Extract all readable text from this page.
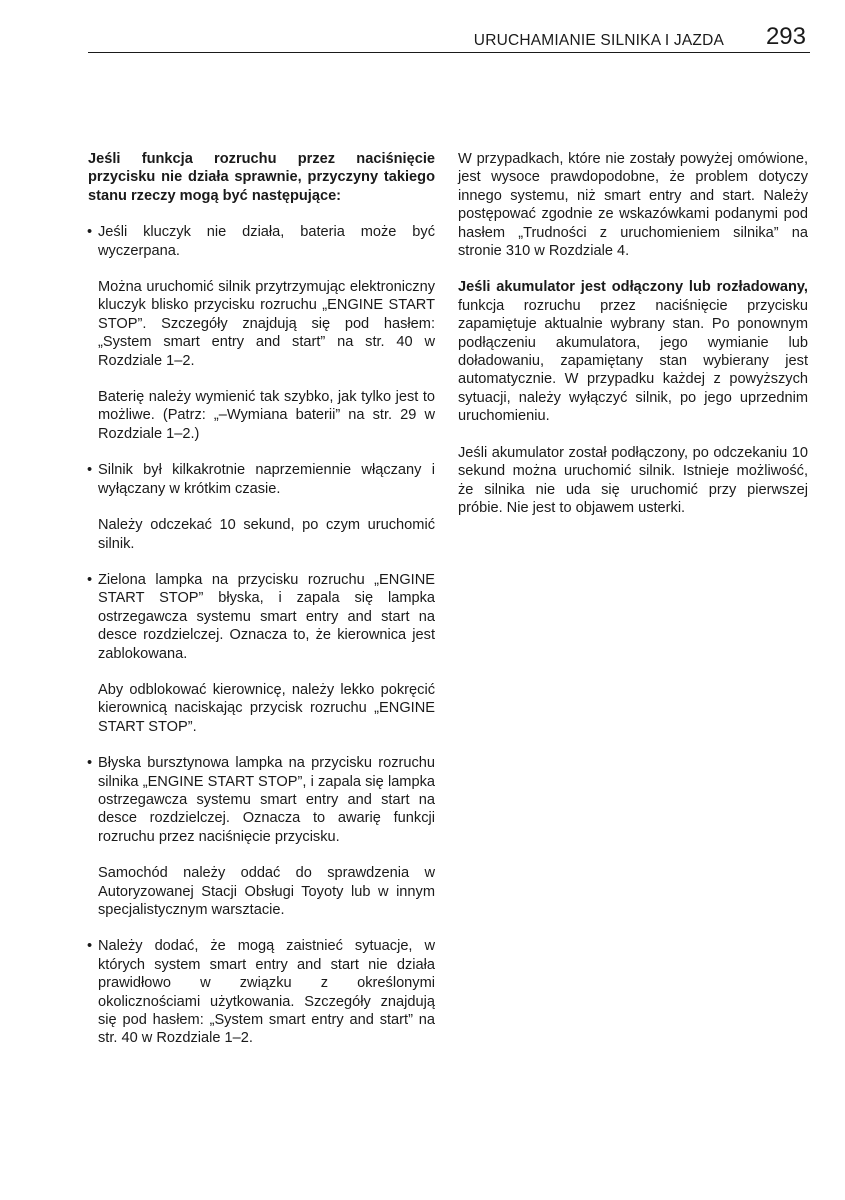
URUCHAMIANIE SILNIKA I JAZDA 293

Jeśli funkcja rozruchu przez naciśnięcie przycisku nie działa sprawnie, przyczyny takiego stanu rzeczy mogą być następujące:

• Jeśli kluczyk nie działa, bateria może być wyczerpana.

Można uruchomić silnik przytrzymując elektroniczny kluczyk blisko przycisku rozruchu „ENGINE START STOP”. Szczegóły znajdują się pod hasłem: „System smart entry and start” na str. 40 w Rozdziale 1–2.

Baterię należy wymienić tak szybko, jak tylko jest to możliwe. (Patrz: „–Wymiana baterii” na str. 29 w Rozdziale 1–2.)

• Silnik był kilkakrotnie naprzemiennie włączany i wyłączany w krótkim czasie.

Należy odczekać 10 sekund, po czym uruchomić silnik.

• Zielona lampka na przycisku rozruchu „ENGINE START STOP” błyska, i zapala się lampka ostrzegawcza systemu smart entry and start na desce rozdzielczej. Oznacza to, że kierownica jest zablokowana.

Aby odblokować kierownicę, należy lekko pokręcić kierownicą naciskając przycisk rozruchu „ENGINE START STOP”.

• Błyska bursztynowa lampka na przycisku rozruchu silnika „ENGINE START STOP”, i zapala się lampka ostrzegawcza systemu smart entry and start na desce rozdzielczej. Oznacza to awarię funkcji rozruchu przez naciśnięcie przycisku.

Samochód należy oddać do sprawdzenia w Autoryzowanej Stacji Obsługi Toyoty lub w innym specjalistycznym warsztacie.

• Należy dodać, że mogą zaistnieć sytuacje, w których system smart entry and start nie działa prawidłowo w związku z określonymi okolicznościami użytkowania. Szczegóły znajdują się pod hasłem: „System smart entry and start” na str. 40 w Rozdziale 1–2.

W przypadkach, które nie zostały powyżej omówione, jest wysoce prawdopodobne, że problem dotyczy innego systemu, niż smart entry and start. Należy postępować zgodnie ze wskazówkami podanymi pod hasłem „Trudności z uruchomieniem silnika” na stronie 310 w Rozdziale 4.

Jeśli akumulator jest odłączony lub rozładowany, funkcja rozruchu przez naciśnięcie przycisku zapamiętuje aktualnie wybrany stan. Po ponownym podłączeniu akumulatora, jego wymianie lub doładowaniu, zapamiętany stan wybierany jest automatycznie. W przypadku każdej z powyższych sytuacji, należy wyłączyć silnik, po jego uprzednim uruchomieniu.

Jeśli akumulator został podłączony, po odczekaniu 10 sekund można uruchomić silnik. Istnieje możliwość, że silnika nie uda się uruchomić przy pierwszej próbie. Nie jest to objawem usterki.
